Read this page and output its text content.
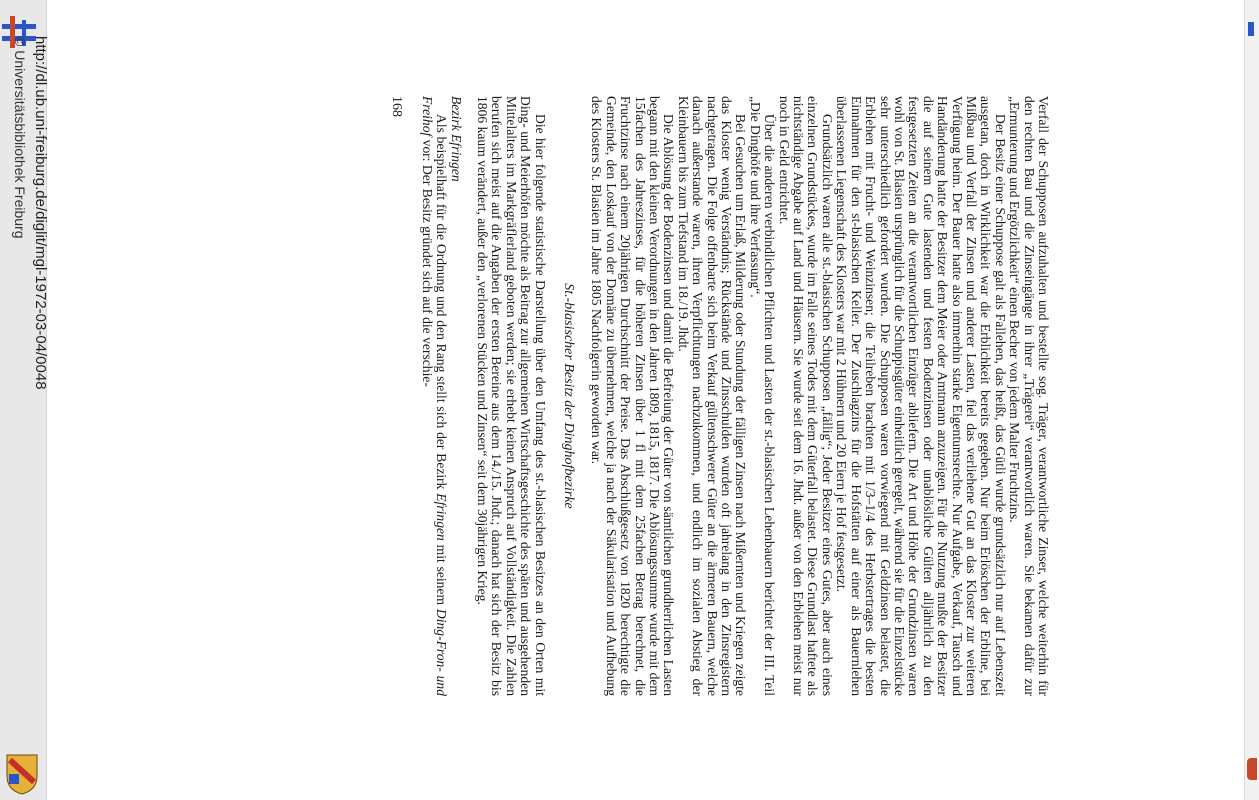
http://dl.ub.uni-freiburg.de/diglit/mgl-1972-03-04/0048
© Universitätsbibliothek Freiburg	Verfall der Schupposen aufzuhalten und bestellte sog. Träger, verantwortliche Zinser, welche weiterhin für den rechten Bau und die Zinseingänge in ihrer „Trägerei“ verantwortlich waren. Sie bekamen dafür zur „Ermunterung und Ergötzlichkeit“ einen Becher von jedem Malter Fruchtzins.

Der Besitz einer Schuppose galt als Fallehen, das heißt, das Gütli wurde grundsätzlich nur auf Lebenszeit ausgetan, doch in Wirklichkeit war die Erblichkeit bereits gegeben. Nur beim Erlöschen der Erbline, bei Mißbau und Verfall der Zinsen und anderer Lasten, fiel das verliehene Gut an das Kloster zur weiteren Verfügung heim. Der Bauer hatte also immerhin starke Eigentumsrechte. Nur Aufgabe, Verkauf, Tausch und Handänderung hatte der Besitzer dem Meier oder Amtmann anzuzeigen. Für die Nutzung mußte der Besitzer die auf seinem Gute lastenden und festen Bodenzinsen oder unablösliche Gülten alljährlich zu den festgesetzten Zeiten an die verantwortlichen Einzüger abliefern. Die Art und Höhe der Grundzinsen waren wohl von St. Blasien ursprünglich für die Schuppisgüter einheitlich geregelt, während sie für die Einzelstücke sehr unterschiedlich gefordert wurden. Die Schupposen waren vorwiegend mit Geldzinsen belastet, die Erblehen mit Frucht- und Weinzinsen; die Teilreben brachten mit 1/3–1/4 des Herbstertrages die besten Einnahmen für den st-blasischen Keller. Der Zuschlagzins für die Hofstätten auf einer als Bauernlehen überlassenen Liegenschaft des Klosters war mit 2 Hühnern und 20 Eiern je Hof festgesetzt.

Grundsätzlich waren alle st.-blasischen Schupposen „fällig“; Jeder Besitzer eines Gutes, aber auch eines einzelnen Grundstückes, wurde im Falle seines Todes mit dem Güterfall belastet. Diese Grundlast haftete als nichtständige Abgabe auf Land und Häusern. Sie wurde seit dem 16. Jhdt. außer von den Erblehen meist nur noch in Geld entrichtet.

Über die anderen verbindlichen Pflichten und Lasten der st.-blasischen Lehenbauern berichtet der III. Teil „Die Dinghöfe und ihre Verfassung“.

Bei Gesuchen um Erlaß, Milderung oder Stundung der fälligen Zinsen nach Mißernten und Kriegen zeigte das Kloster wenig Verständnis; Rückstände und Zinsschulden wurden oft jahrelang in den Zinsregistern nachgetragen. Die Folge offenbarte sich beim Verkauf gültenschwerer Güter an die ärmeren Bauern, welche danach außerstande waren, ihren Verpflichtungen nachzukommen, und endlich im sozialen Abstieg der Kleinbauern bis zum Tiefstand im 18./19. Jhdt.

Die Ablösung der Bodenzinsen und damit die Befreiung der Güter von sämtlichen grundherrlichen Lasten begann mit den kleinen Verordnungen in den Jahren 1809, 1815, 1817. Die Ablösungssumme wurde mit dem 15fachen des Jahreszinses, für die höheren Zinsen über 1 fl mit dem 25fachen Betrag berechnet, die Fruchtzinse nach einem 20jährigen Durchschnitt der Preise. Das Abschlußgesetz von 1820 berechtigte die Gemeinde, den Loskauf von der Domäne zu übernehmen, welche ja nach der Säkularisation und Aufhebung des Klosters St. Blasien im Jahre 1805 Nachfolgerin geworden war.

St.-blasischer Besitz der Dinghofbezirke

Die hier folgende statistische Darstellung über den Umfang des st.-blasischen Besitzes an den Orten mit Ding- und Meierhöfen möchte als Beitrag zur allgemeinen Wirtschaftsgeschichte des späten und ausgehenden Mittelalters im Markgräflerland geboten werden; sie erhebt keinen Anspruch auf Vollständigkeit. Die Zahlen berufen sich meist auf die Angaben der ersten Bereine aus dem 14./15. Jhdt.; danach hat sich der Besitz bis 1806 kaum verändert, außer den „verlorenen Stücken und Zinsen“ seit dem 30jährigen Krieg.

Bezirk Efringen

Als beispielhaft für die Ordnung und den Rang stellt sich der Bezirk Efringen mit seinem Ding-Fron- und Freihof vor: Der Besitz gründet sich auf die verschie-

168
